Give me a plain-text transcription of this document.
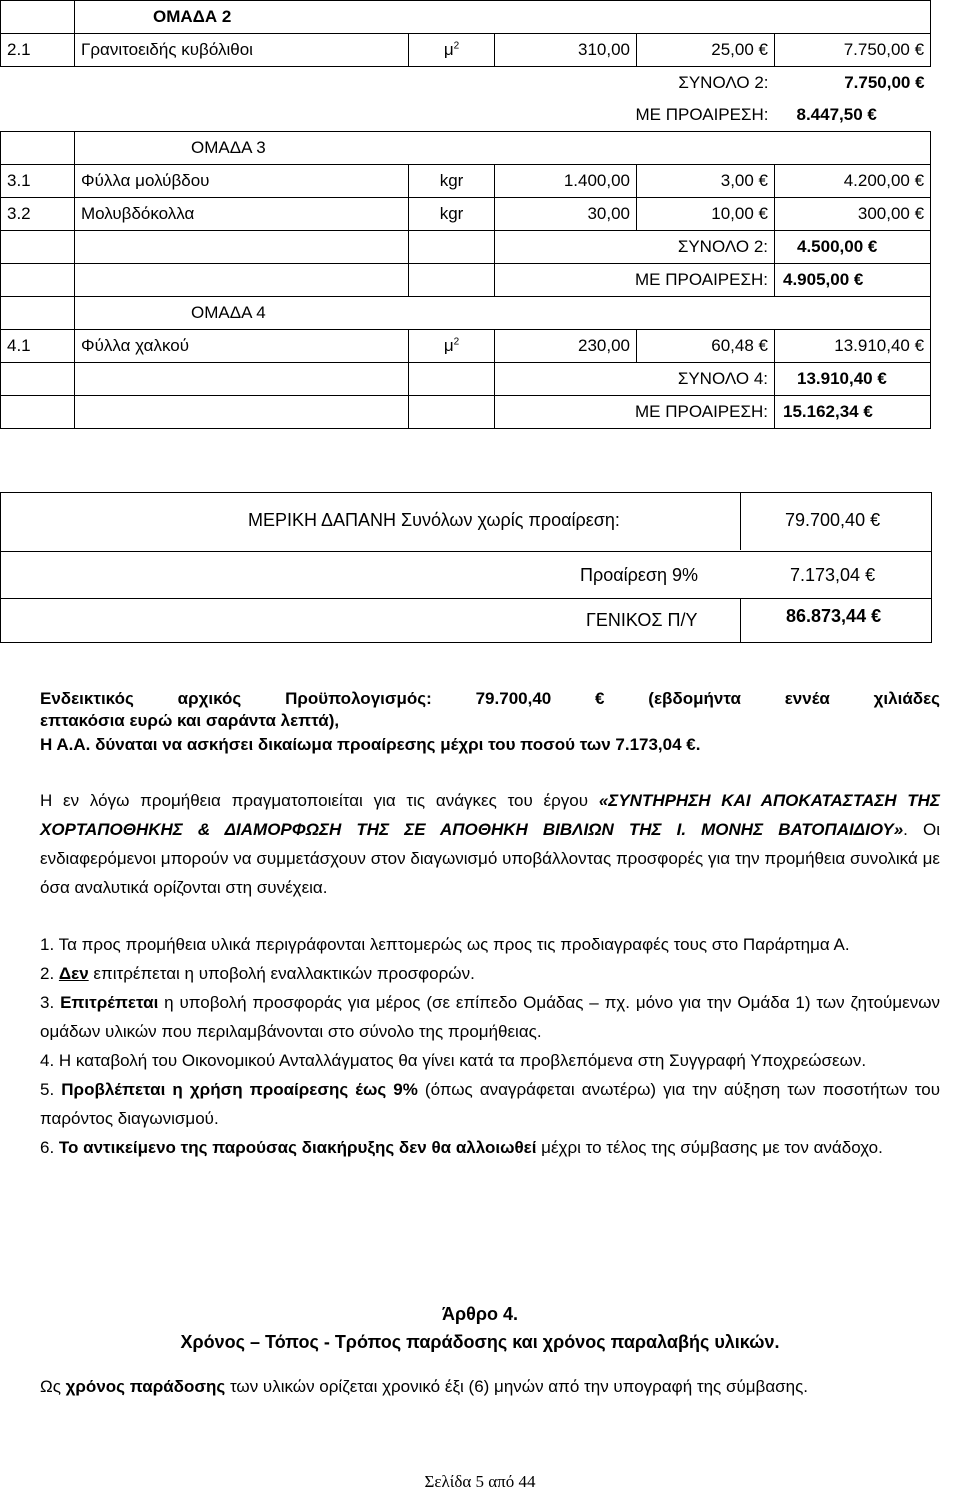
	ΟΜΑΔΑ 2				
2.1	Γρανιτοειδής κυβόλιθοι	$\mu^2$	310,00	25,00 €	7.750,00 €
				ΣΥΝΟΛΟ 2:	7.750,00 €
			ΜΕ ΠΡΟΑΙΡΕΣΗ:		8.447,50 €
	ΟΜΑΔΑ 3				
3.1	Φύλλα μολύβδου	kgr	1.400,00	3,00 €	4.200,00 €
3.2	Μολυβδόκολλα	kgr	30,00	10,00 €	300,00 €
			ΣΥΝΟΛΟ 2:		4.500,00 €
			ΜΕ ΠΡΟΑΙΡΕΣΗ:		4.905,00 €
	ΟΜΑΔΑ 4				
4.1	Φύλλα χαλκού	$\mu^2$	230,00	60,48 €	13.910,40 €
			ΣΥΝΟΛΟ 4:		13.910,40 €
			ΜΕ ΠΡΟΑΙΡΕΣΗ:		15.162,34 €
ΜΕΡΙΚΗ ΔΑΠΑΝΗ Συνόλων χωρίς προαίρεση:	79.700,40 €
Προαίρεση 9%	7.173,04 €
ΓΕΝΙΚΟΣ Π/Υ	86.873,44 €
Ενδεικτικός αρχικός Προϋπολογισμός: 79.700,40 € (εβδομήντα εννέα χιλιάδες
επτακόσια ευρώ και σαράντα λεπτά),
Η Α.Α. δύναται να ασκήσει δικαίωμα προαίρεσης μέχρι του ποσού των 7.173,04 €.
Η εν λόγω προμήθεια πραγματοποιείται για τις ανάγκες του έργου «ΣΥΝΤΗΡΗΣΗ ΚΑΙ ΑΠΟΚΑΤΑΣΤΑΣΗ ΤΗΣ ΧΟΡΤΑΠΟΘΗΚΗΣ & ΔΙΑΜΟΡΦΩΣΗ ΤΗΣ ΣΕ ΑΠΟΘΗΚΗ ΒΙΒΛΙΩΝ ΤΗΣ Ι. ΜΟΝΗΣ ΒΑΤΟΠΑΙΔΙΟΥ». Οι ενδιαφερόμενοι μπορούν να συμμετάσχουν στον διαγωνισμό υποβάλλοντας προσφορές για την προμήθεια συνολικά με όσα αναλυτικά ορίζονται στη συνέχεια.
1. Τα προς προμήθεια υλικά περιγράφονται λεπτομερώς ως προς τις προδιαγραφές τους στο Παράρτημα Α.
2. Δεν επιτρέπεται η υποβολή εναλλακτικών προσφορών.
3. Επιτρέπεται η υποβολή προσφοράς για μέρος (σε επίπεδο Ομάδας – πχ. μόνο για την Ομάδα 1) των ζητούμενων ομάδων υλικών που περιλαμβάνονται στο σύνολο της προμήθειας.
4. Η καταβολή του Οικονομικού Ανταλλάγματος θα γίνει κατά τα προβλεπόμενα στη Συγγραφή Υποχρεώσεων.
5. Προβλέπεται η χρήση προαίρεσης έως 9% (όπως αναγράφεται ανωτέρω) για την αύξηση των ποσοτήτων του παρόντος διαγωνισμού.
6. Το αντικείμενο της παρούσας διακήρυξης δεν θα αλλοιωθεί μέχρι το τέλος της σύμβασης με τον ανάδοχο.
Άρθρο 4.
Χρόνος – Τόπος - Τρόπος παράδοσης και χρόνος παραλαβής υλικών.
Ως χρόνος παράδοσης των υλικών ορίζεται χρονικό έξι (6) μηνών από την υπογραφή της σύμβασης.
Σελίδα 5 από 44
